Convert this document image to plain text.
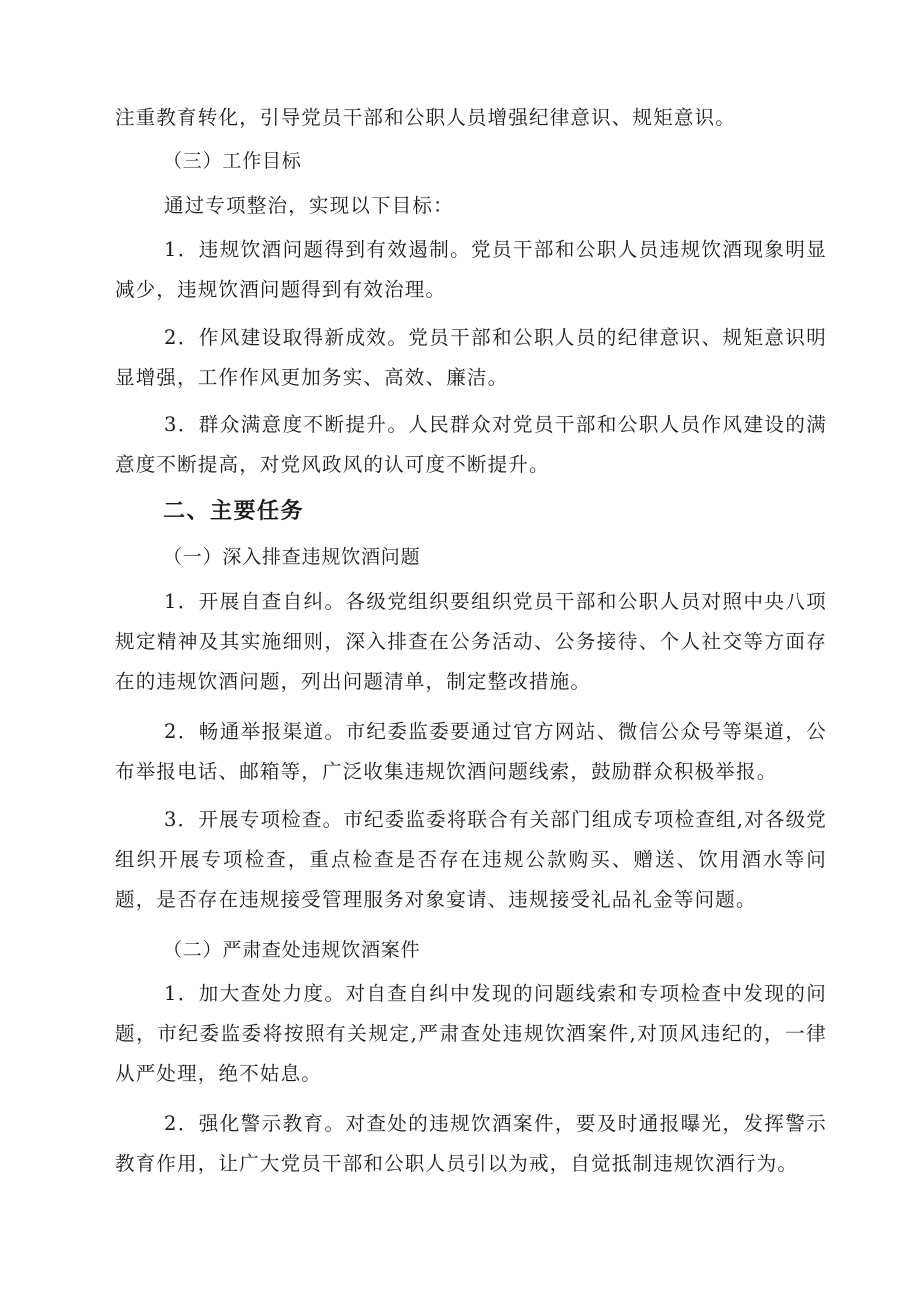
注重教育转化，引导党员干部和公职人员增强纪律意识、规矩意识。

（三）工作目标

通过专项整治，实现以下目标：

1．违规饮酒问题得到有效遏制。党员干部和公职人员违规饮酒现象明显减少，违规饮酒问题得到有效治理。

2．作风建设取得新成效。党员干部和公职人员的纪律意识、规矩意识明显增强，工作作风更加务实、高效、廉洁。

3．群众满意度不断提升。人民群众对党员干部和公职人员作风建设的满意度不断提高，对党风政风的认可度不断提升。

二、主要任务

（一）深入排查违规饮酒问题

1．开展自查自纠。各级党组织要组织党员干部和公职人员对照中央八项规定精神及其实施细则，深入排查在公务活动、公务接待、个人社交等方面存在的违规饮酒问题，列出问题清单，制定整改措施。

2．畅通举报渠道。市纪委监委要通过官方网站、微信公众号等渠道，公布举报电话、邮箱等，广泛收集违规饮酒问题线索，鼓励群众积极举报。

3．开展专项检查。市纪委监委将联合有关部门组成专项检查组,对各级党组织开展专项检查，重点检查是否存在违规公款购买、赠送、饮用酒水等问题，是否存在违规接受管理服务对象宴请、违规接受礼品礼金等问题。

（二）严肃查处违规饮酒案件

1．加大查处力度。对自查自纠中发现的问题线索和专项检查中发现的问题，市纪委监委将按照有关规定,严肃查处违规饮酒案件,对顶风违纪的，一律从严处理，绝不姑息。

2．强化警示教育。对查处的违规饮酒案件，要及时通报曝光，发挥警示教育作用，让广大党员干部和公职人员引以为戒，自觉抵制违规饮酒行为。
